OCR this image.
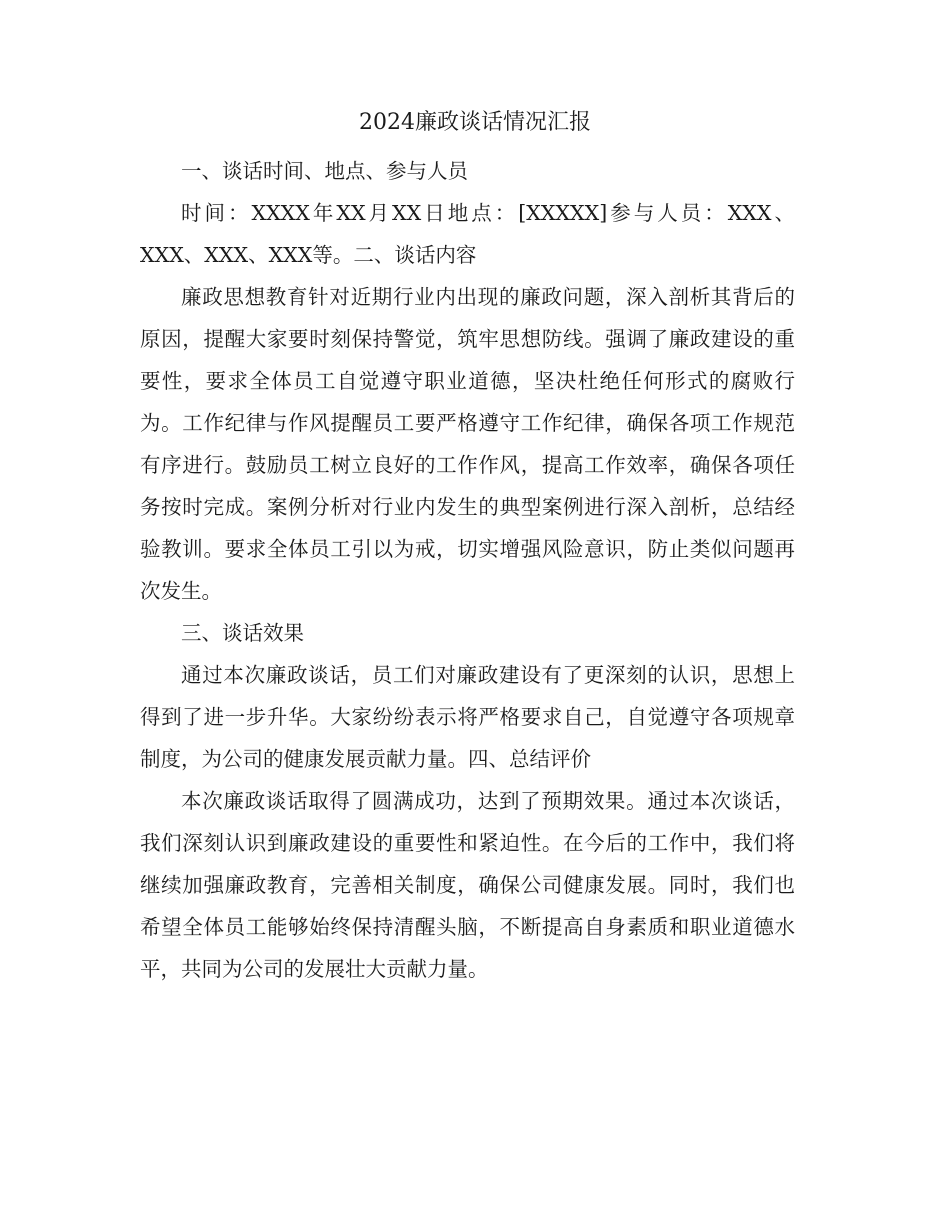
2024廉政谈话情况汇报

一、谈话时间、地点、参与人员

时间：XXXX年XX月XX日地点：[XXXXX]参与人员：XXX、XXX、XXX、XXX等。二、谈话内容

廉政思想教育针对近期行业内出现的廉政问题，深入剖析其背后的原因，提醒大家要时刻保持警觉，筑牢思想防线。强调了廉政建设的重要性，要求全体员工自觉遵守职业道德，坚决杜绝任何形式的腐败行为。工作纪律与作风提醒员工要严格遵守工作纪律，确保各项工作规范有序进行。鼓励员工树立良好的工作作风，提高工作效率，确保各项任务按时完成。案例分析对行业内发生的典型案例进行深入剖析，总结经验教训。要求全体员工引以为戒，切实增强风险意识，防止类似问题再次发生。

三、谈话效果

通过本次廉政谈话，员工们对廉政建设有了更深刻的认识，思想上得到了进一步升华。大家纷纷表示将严格要求自己，自觉遵守各项规章制度，为公司的健康发展贡献力量。四、总结评价

本次廉政谈话取得了圆满成功，达到了预期效果。通过本次谈话，我们深刻认识到廉政建设的重要性和紧迫性。在今后的工作中，我们将继续加强廉政教育，完善相关制度，确保公司健康发展。同时，我们也希望全体员工能够始终保持清醒头脑，不断提高自身素质和职业道德水平，共同为公司的发展壮大贡献力量。
